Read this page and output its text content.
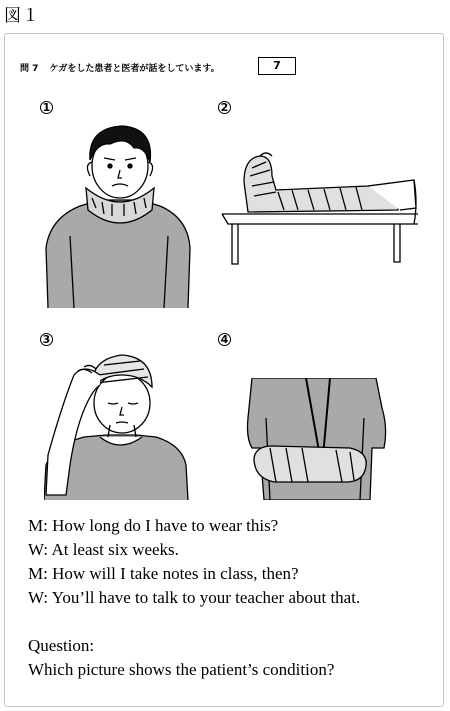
図１
問 7 ケガをした患者と医者が話をしています。	7
1	2
3	4
M: How long do I have to wear this?
W: At least six weeks.
M: How will I take notes in class, then?
W: You’ll have to talk to your teacher about that.
Question:
Which picture shows the patient’s condition?
